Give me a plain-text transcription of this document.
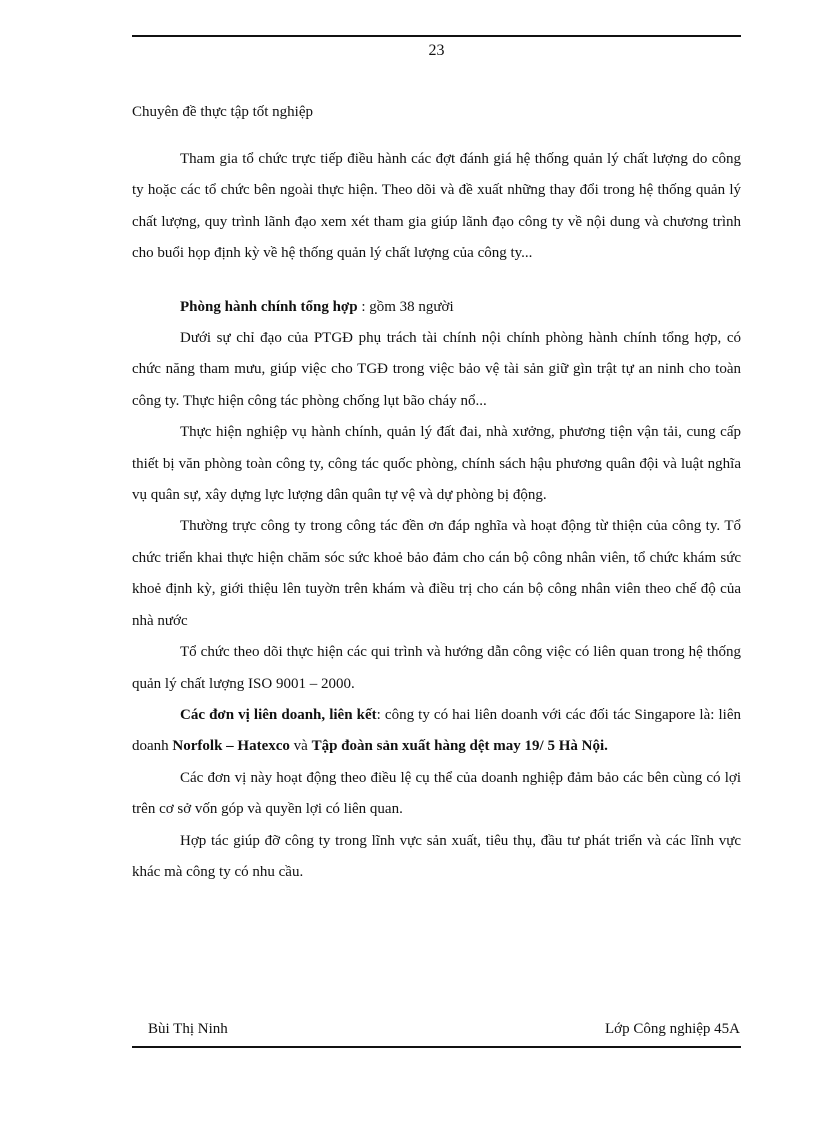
23
Chuyên đề thực tập tốt nghiệp

Tham gia tổ chức trực tiếp điều hành các đợt đánh giá hệ thống quản lý chất lượng do công ty hoặc các tổ chức bên ngoài thực hiện. Theo dõi và đề xuất những thay đổi trong hệ thống quản lý chất lượng, quy trình lãnh đạo xem xét tham gia giúp lãnh đạo công ty về nội dung và chương trình cho buổi họp định kỳ về hệ thống quản lý chất lượng của công ty...

Phòng hành chính tổng hợp : gồm 38 người

Dưới sự chỉ đạo của PTGĐ phụ trách tài chính nội chính phòng hành chính tổng hợp, có chức năng tham mưu, giúp việc cho TGĐ trong việc bảo vệ tài sản giữ gìn trật tự an ninh cho toàn công ty. Thực hiện công tác phòng chống lụt bão cháy nổ...

Thực hiện nghiệp vụ hành chính, quản lý đất đai, nhà xưởng, phương tiện vận tải, cung cấp thiết bị văn phòng toàn công ty, công tác quốc phòng, chính sách hậu phương quân đội và luật nghĩa vụ quân sự, xây dựng lực lượng dân quân tự vệ và dự phòng bị động.

Thường trực công ty trong công tác đền ơn đáp nghĩa và hoạt động từ thiện của công ty. Tổ chức triển khai thực hiện chăm sóc sức khoẻ bảo đảm cho cán bộ công nhân viên, tổ chức khám sức khoẻ định kỳ, giới thiệu lên tuyờn trên khám và điều trị cho cán bộ công nhân viên theo chế độ của nhà nước

Tổ chức theo dõi thực hiện các qui trình và hướng dẫn công việc có liên quan trong hệ thống quản lý chất lượng ISO 9001 – 2000.

Các đơn vị liên doanh, liên kết: công ty có hai liên doanh với các đối tác Singapore là: liên doanh Norfolk – Hatexco và Tập đoàn sản xuất hàng dệt may 19/ 5 Hà Nội.

Các đơn vị này hoạt động theo điều lệ cụ thể của doanh nghiệp đảm bảo các bên cùng có lợi trên cơ sở vốn góp và quyền lợi có liên quan.

Hợp tác giúp đỡ công ty trong lĩnh vực sản xuất, tiêu thụ, đầu tư phát triển và các lĩnh vực khác mà công ty có nhu cầu.

Bùi Thị Ninh	Lớp Công nghiệp 45A
